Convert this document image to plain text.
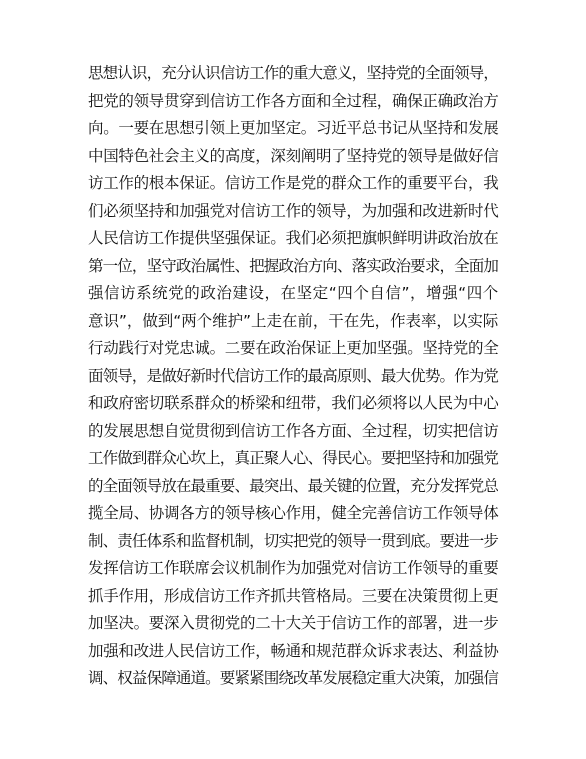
思想认识，充分认识信访工作的重大意义，坚持党的全面领导，
把党的领导贯穿到信访工作各方面和全过程，确保正确政治方
向。一要在思想引领上更加坚定。习近平总书记从坚持和发展
中国特色社会主义的高度，深刻阐明了坚持党的领导是做好信
访工作的根本保证。信访工作是党的群众工作的重要平台，我
们必须坚持和加强党对信访工作的领导，为加强和改进新时代
人民信访工作提供坚强保证。我们必须把旗帜鲜明讲政治放在
第一位，坚守政治属性、把握政治方向、落实政治要求，全面加
强信访系统党的政治建设，在坚定“四个自信”，增强“四个
意识”，做到“两个维护”上走在前，干在先，作表率，以实际
行动践行对党忠诚。二要在政治保证上更加坚强。坚持党的全
面领导，是做好新时代信访工作的最高原则、最大优势。作为党
和政府密切联系群众的桥梁和纽带，我们必须将以人民为中心
的发展思想自觉贯彻到信访工作各方面、全过程，切实把信访
工作做到群众心坎上，真正聚人心、得民心。要把坚持和加强党
的全面领导放在最重要、最突出、最关键的位置，充分发挥党总
揽全局、协调各方的领导核心作用，健全完善信访工作领导体
制、责任体系和监督机制，切实把党的领导一贯到底。要进一步
发挥信访工作联席会议机制作为加强党对信访工作领导的重要
抓手作用，形成信访工作齐抓共管格局。三要在决策贯彻上更
加坚决。要深入贯彻党的二十大关于信访工作的部署，进一步
加强和改进人民信访工作，畅通和规范群众诉求表达、利益协
调、权益保障通道。要紧紧围绕改革发展稳定重大决策，加强信
